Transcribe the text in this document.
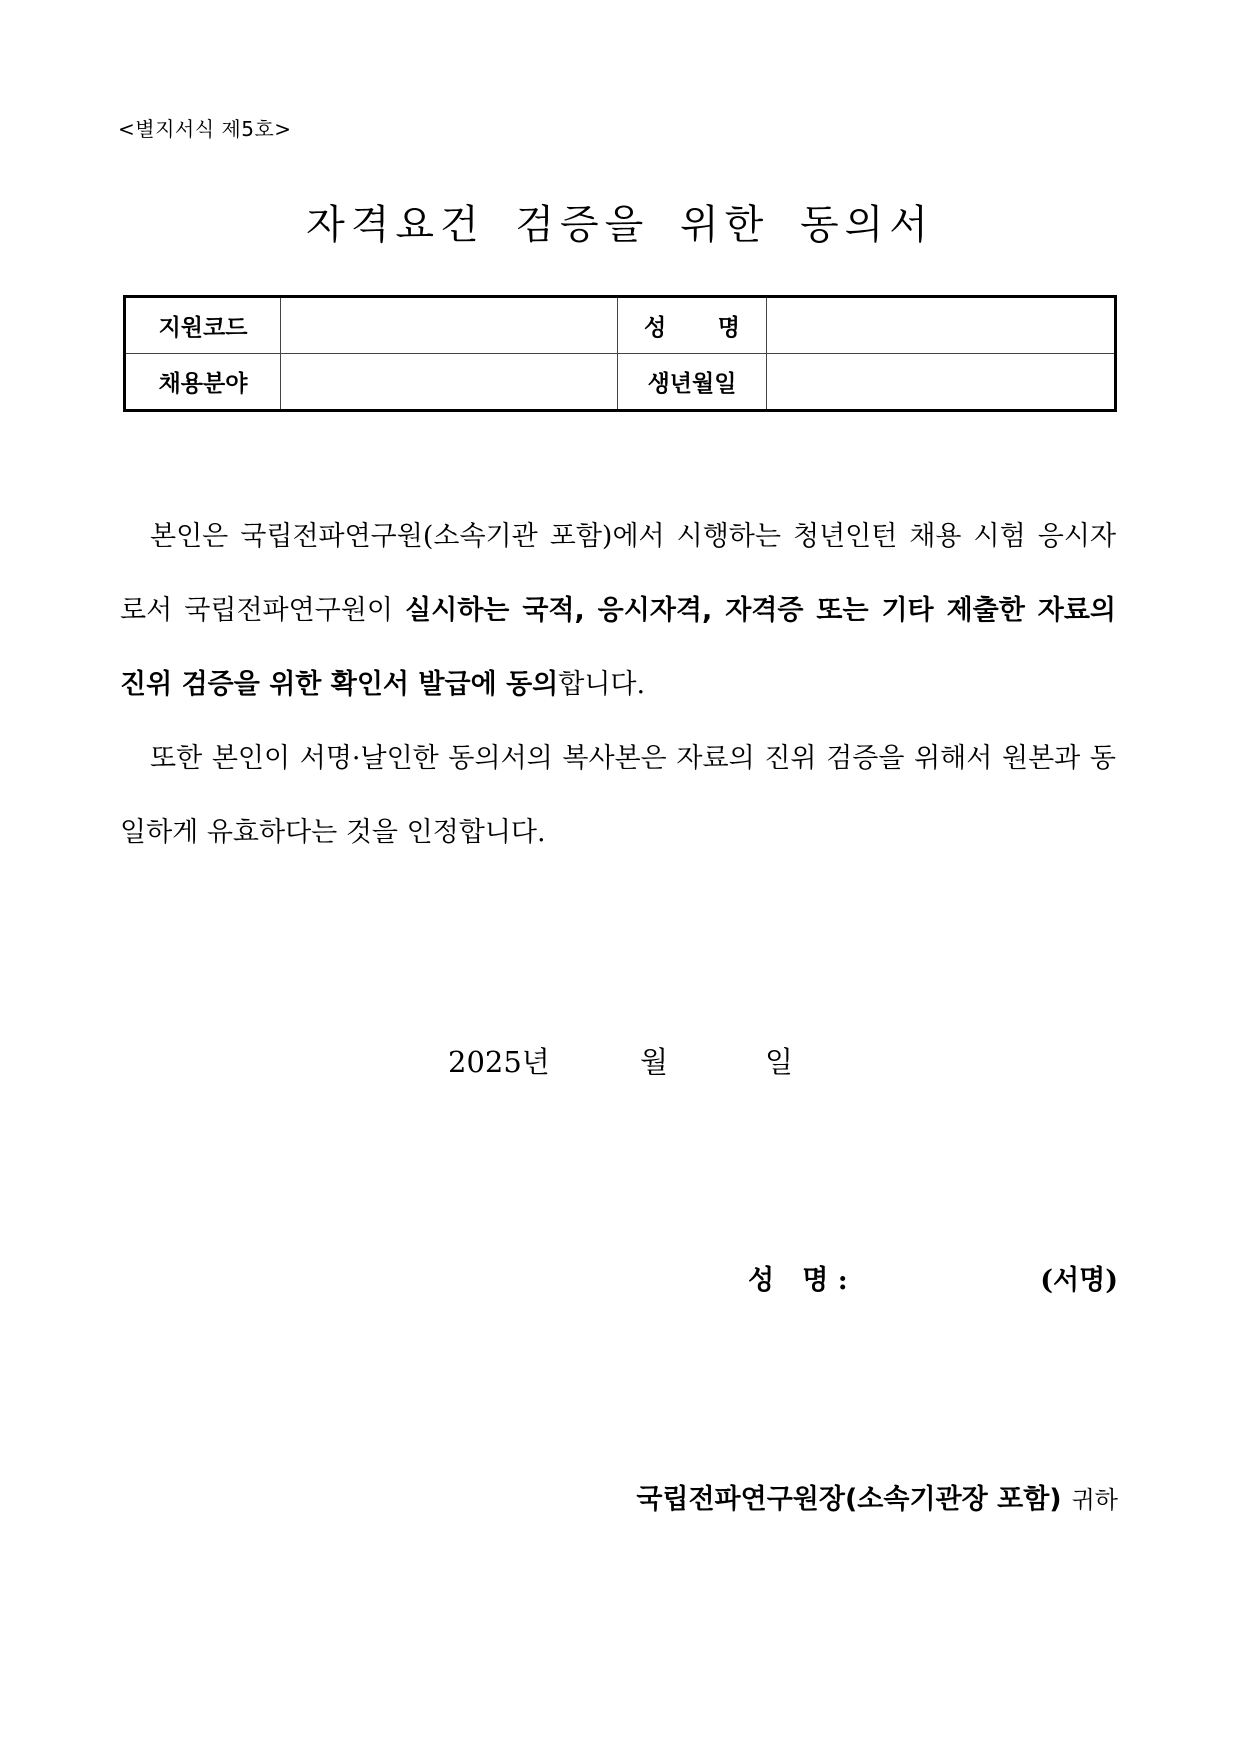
<별지서식 제5호>
자격요건 검증을 위한 동의서
지원코드		성 명	
채용분야		생년월일	

본인은 국립전파연구원(소속기관 포함)에서 시행하는 청년인턴 채용 시험 응시자로서 국립전파연구원이 실시하는 국적, 응시자격, 자격증 또는 기타 제출한 자료의 진위 검증을 위한 확인서 발급에 동의합니다.

또한 본인이 서명·날인한 동의서의 복사본은 자료의 진위 검증을 위해서 원본과 동일하게 유효하다는 것을 인정합니다.

2025년	월	일
성   명 :	(서명)
국립전파연구원장(소속기관장 포함) 귀하
